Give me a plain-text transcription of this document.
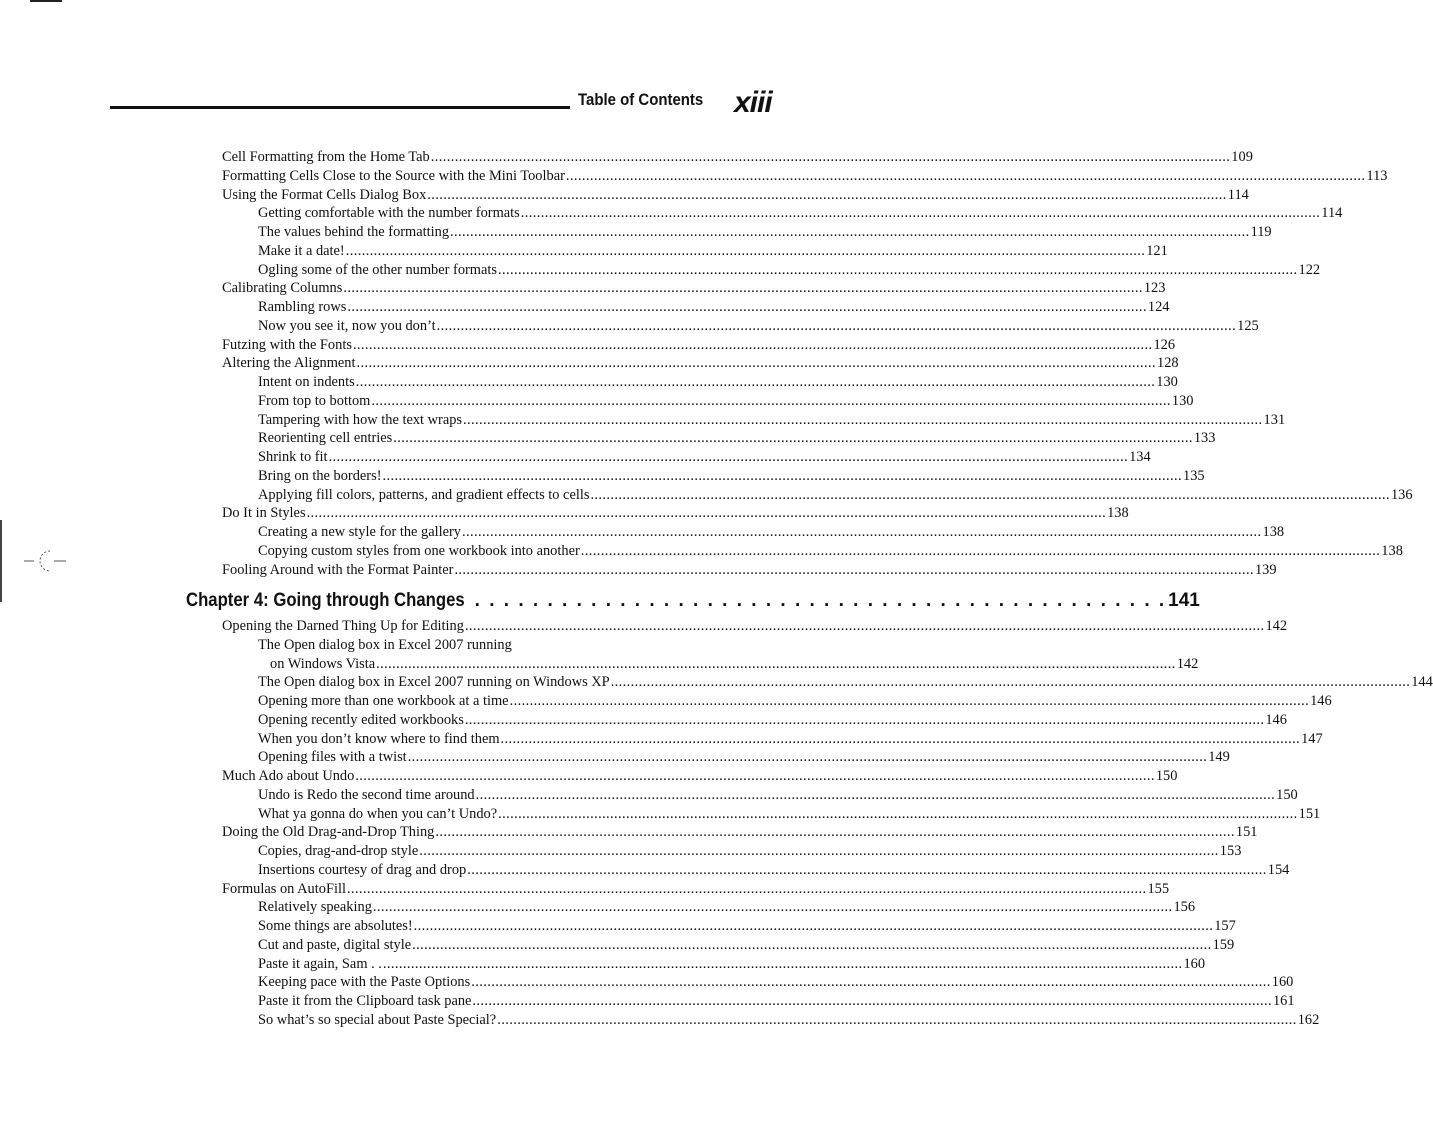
Table of Contents xiii
Cell Formatting from the Home Tab ........................................................................................................................................................................................................ 109
Formatting Cells Close to the Source with the Mini Toolbar ........................................................................................................................................................................................................ 113
Using the Format Cells Dialog Box ........................................................................................................................................................................................................ 114
Getting comfortable with the number formats ........................................................................................................................................................................................................ 114
The values behind the formatting ........................................................................................................................................................................................................ 119
Make it a date! ........................................................................................................................................................................................................ 121
Ogling some of the other number formats ........................................................................................................................................................................................................ 122
Calibrating Columns ........................................................................................................................................................................................................ 123
Rambling rows ........................................................................................................................................................................................................ 124
Now you see it, now you don’t ........................................................................................................................................................................................................ 125
Futzing with the Fonts ........................................................................................................................................................................................................ 126
Altering the Alignment ........................................................................................................................................................................................................ 128
Intent on indents ........................................................................................................................................................................................................ 130
From top to bottom ........................................................................................................................................................................................................ 130
Tampering with how the text wraps ........................................................................................................................................................................................................ 131
Reorienting cell entries ........................................................................................................................................................................................................ 133
Shrink to fit ........................................................................................................................................................................................................ 134
Bring on the borders! ........................................................................................................................................................................................................ 135
Applying fill colors, patterns, and gradient effects to cells ........................................................................................................................................................................................................ 136
Do It in Styles ........................................................................................................................................................................................................ 138
Creating a new style for the gallery ........................................................................................................................................................................................................ 138
Copying custom styles from one workbook into another ........................................................................................................................................................................................................ 138
Fooling Around with the Format Painter ........................................................................................................................................................................................................ 139
Chapter 4: Going through Changes . . . . . . . . . . . . . . . . . . . . . . . . . . . . . . . . . . . . . . . . . . . . . . . . 141
Opening the Darned Thing Up for Editing ........................................................................................................................................................................................................ 142
The Open dialog box in Excel 2007 running
on Windows Vista ........................................................................................................................................................................................................ 142
The Open dialog box in Excel 2007 running on Windows XP ........................................................................................................................................................................................................ 144
Opening more than one workbook at a time ........................................................................................................................................................................................................ 146
Opening recently edited workbooks ........................................................................................................................................................................................................ 146
When you don’t know where to find them ........................................................................................................................................................................................................ 147
Opening files with a twist ........................................................................................................................................................................................................ 149
Much Ado about Undo ........................................................................................................................................................................................................ 150
Undo is Redo the second time around ........................................................................................................................................................................................................ 150
What ya gonna do when you can’t Undo? ........................................................................................................................................................................................................ 151
Doing the Old Drag-and-Drop Thing ........................................................................................................................................................................................................ 151
Copies, drag-and-drop style ........................................................................................................................................................................................................ 153
Insertions courtesy of drag and drop ........................................................................................................................................................................................................ 154
Formulas on AutoFill ........................................................................................................................................................................................................ 155
Relatively speaking ........................................................................................................................................................................................................ 156
Some things are absolutes! ........................................................................................................................................................................................................ 157
Cut and paste, digital style ........................................................................................................................................................................................................ 159
Paste it again, Sam . . ........................................................................................................................................................................................................ 160
Keeping pace with the Paste Options ........................................................................................................................................................................................................ 160
Paste it from the Clipboard task pane ........................................................................................................................................................................................................ 161
So what’s so special about Paste Special? ........................................................................................................................................................................................................ 162
